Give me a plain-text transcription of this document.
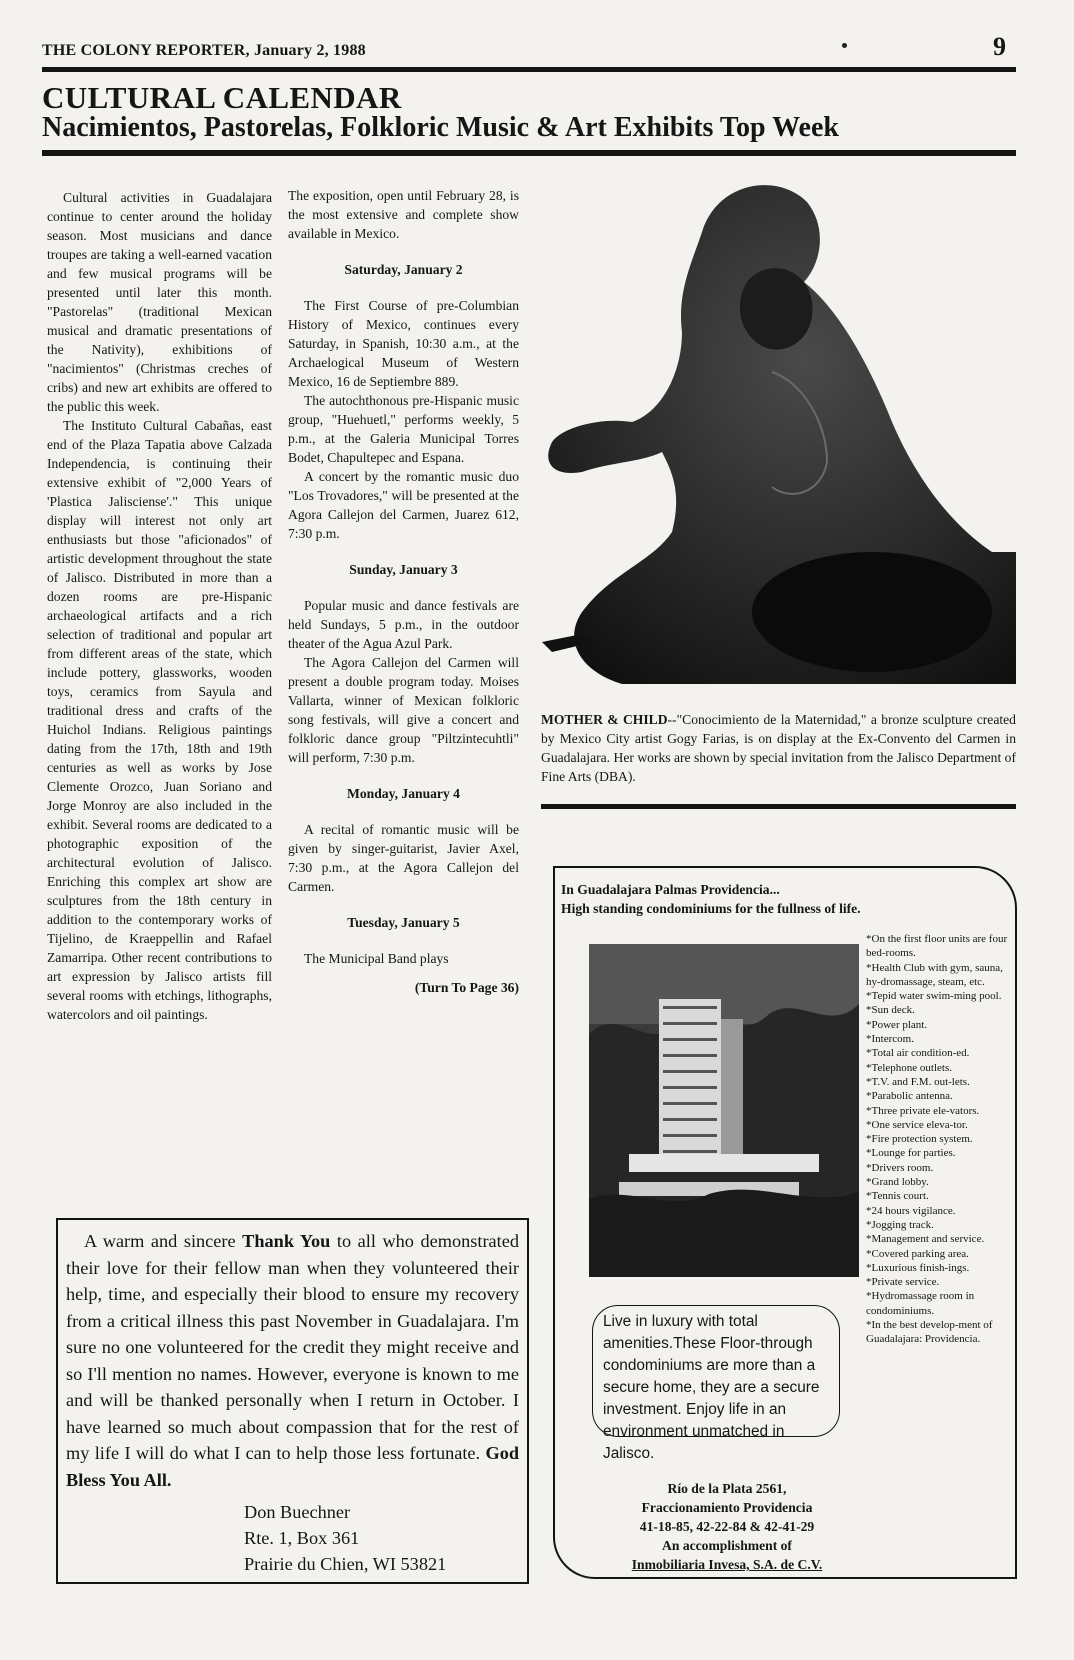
THE COLONY REPORTER, January 2, 1988	9
CULTURAL CALENDAR
Nacimientos, Pastorelas, Folkloric Music & Art Exhibits Top Week

Cultural activities in Guadalajara continue to center around the holiday season. Most musicians and dance troupes are taking a well-earned vacation and few musical programs will be presented until later this month. "Pastorelas" (traditional Mexican musical and dramatic presentations of the Nativity), exhibitions of "nacimientos" (Christmas creches of cribs) and new art exhibits are offered to the public this week.

The Instituto Cultural Cabañas, east end of the Plaza Tapatia above Calzada Independencia, is continuing their extensive exhibit of "2,000 Years of 'Plastica Jalisciense'." This unique display will interest not only art enthusiasts but those "aficionados" of artistic development throughout the state of Jalisco. Distributed in more than a dozen rooms are pre-Hispanic archaeological artifacts and a rich selection of traditional and popular art from different areas of the state, which include pottery, glassworks, wooden toys, ceramics from Sayula and traditional dress and crafts of the Huichol Indians. Religious paintings dating from the 17th, 18th and 19th centuries as well as works by Jose Clemente Orozco, Juan Soriano and Jorge Monroy are also included in the exhibit. Several rooms are dedicated to a photographic exposition of the architectural evolution of Jalisco. Enriching this complex art show are sculptures from the 18th century in addition to the contemporary works of Tijelino, de Kraeppellin and Rafael Zamarripa. Other recent contributions to art expression by Jalisco artists fill several rooms with etchings, lithographs, watercolors and oil paintings.

The exposition, open until February 28, is the most extensive and complete show available in Mexico.

Saturday, January 2

The First Course of pre-Columbian History of Mexico, continues every Saturday, in Spanish, 10:30 a.m., at the Archaelogical Museum of Western Mexico, 16 de Septiembre 889.

The autochthonous pre-Hispanic music group, "Huehuetl," performs weekly, 5 p.m., at the Galeria Municipal Torres Bodet, Chapultepec and Espana.

A concert by the romantic music duo "Los Trovadores," will be presented at the Agora Callejon del Carmen, Juarez 612, 7:30 p.m.

Sunday, January 3

Popular music and dance festivals are held Sundays, 5 p.m., in the outdoor theater of the Agua Azul Park.

The Agora Callejon del Carmen will present a double program today. Moises Vallarta, winner of Mexican folkloric song festivals, will give a concert and folkloric dance group "Piltzintecuhtli" will perform, 7:30 p.m.

Monday, January 4

A recital of romantic music will be given by singer-guitarist, Javier Axel, 7:30 p.m., at the Agora Callejon del Carmen.

Tuesday, January 5

The Municipal Band plays

(Turn To Page 36)
MOTHER & CHILD--"Conocimiento de la Maternidad," a bronze sculpture created by Mexico City artist Gogy Farias, is on display at the Ex-Convento del Carmen in Guadalajara. Her works are shown by special invitation from the Jalisco Department of Fine Arts (DBA).
A warm and sincere Thank You to all who demonstrated their love for their fellow man when they volunteered their help, time, and especially their blood to ensure my recovery from a critical illness this past November in Guadalajara. I'm sure no one volunteered for the credit they might receive and so I'll mention no names. However, everyone is known to me and will be thanked personally when I return in October. I have learned so much about compassion that for the rest of my life I will do what I can to help those less fortunate. God Bless You All.
Don Buechner
Rte. 1, Box 361
Prairie du Chien, WI 53821
In Guadalajara Palmas Providencia...
High standing condominiums for the fullness of life.
*On the first floor units are four bed-rooms.
*Health Club with gym, sauna, hy-dromassage, steam, etc.
*Tepid water swim-ming pool.
*Sun deck.
*Power plant.
*Intercom.
*Total air condition-ed.
*Telephone outlets.
*T.V. and F.M. out-lets.
*Parabolic antenna.
*Three private ele-vators.
*One service eleva-tor.
*Fire protection system.
*Lounge for parties.
*Drivers room.
*Grand lobby.
*Tennis court.
*24 hours vigilance.
*Jogging track.
*Management and service.
*Covered parking area.
*Luxurious finish-ings.
*Private service.
*Hydromassage room in condominiums.
*In the best develop-ment of Guadalajara: Providencia.
Live in luxury with total amenities.These Floor-through condominiums are more than a secure home, they are a secure investment. Enjoy life in an environment unmatched in Jalisco.
Río de la Plata 2561,
Fraccionamiento Providencia
41-18-85, 42-22-84 & 42-41-29
An accomplishment of
Inmobiliaria Invesa, S.A. de C.V.
